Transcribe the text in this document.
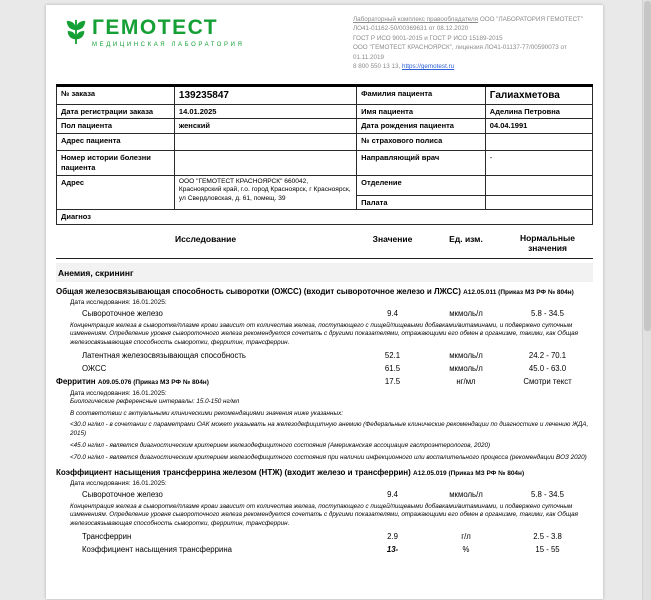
ГЕМОТЕСТ
МЕДИЦИНСКАЯ ЛАБОРАТОРИЯ
Лабораторный комплекс правообладателя ООО "ЛАБОРАТОРИЯ ГЕМОТЕСТ"
ЛО41-01162-50/00369631 от 08.12.2020
ГОСТ Р ИСО 9001-2015 и ГОСТ Р ИСО 15189-2015
ООО "ГЕМОТЕСТ КРАСНОЯРСК", лицензия ЛО41-01137-77/00590073 от 01.11.2019
8 800 550 13 13, https://gemotest.ru
№ заказа	139235847	Фамилия пациента	Галиахметова
Дата регистрации заказа	14.01.2025	Имя пациента	Аделина Петровна
Пол пациента	женский	Дата рождения пациента	04.04.1991
Адрес пациента		№ страхового полиса	
Номер истории болезни пациента		Направляющий врач	-
Адрес	ООО "ГЕМОТЕСТ КРАСНОЯРСК" 660042, Красноярский край, г.о. город Красноярск, г Красноярск, ул Свердловская, д. 61, помещ. 39	Отделение	
		Палата	
Диагноз			
Исследование	Значение	Ед. изм.	Нормальные значения
Анемия, скрининг
Общая железосвязывающая способность сыворотки (ОЖСС) (входит сывороточное железо и ЛЖСС) A12.05.011 (Приказ МЗ РФ № 804н)
Дата исследования: 16.01.2025:
Сывороточное железо	9.4	мкмоль/л	5.8 - 34.5
Концентрация железа в сыворотке/плазме крови зависит от количества железа, поступающего с пищей/пищевыми добавками/витаминами, и подвержено суточным изменениям. Определение уровня сывороточного железа рекомендуется сочетать с другими показателями, отражающими его обмен в организме, такими, как Общая железосвязывающая способность сыворотки, ферритин, трансферрин.
Латентная железосвязывающая способность	52.1	мкмоль/л	24.2 - 70.1
ОЖСС	61.5	мкмоль/л	45.0 - 63.0
Ферритин A09.05.076 (Приказ МЗ РФ № 804н)	17.5	нг/мл	Смотри текст
Дата исследования: 16.01.2025:
Биологические референсные интервалы: 15.0-150 нг/мл
В соответствии с актуальными клиническими рекомендациями значения ниже указанных:
<30.0 нг/мл - в сочетании с параметрами ОАК может указывать на железодефицитную анемию (Федеральные клинические рекомендации по диагностике и лечению ЖДА, 2015)
<45.0 нг/мл - является диагностическим критерием железодефицитного состояния (Американская ассоциация гастроэнтерологов, 2020)
<70.0 нг/мл - является диагностическим критерием железодефицитного состояния при наличии инфекционного или воспалительного процесса (рекомендации ВОЗ 2020)
Коэффициент насыщения трансферрина железом (НТЖ) (входит железо и трансферрин) A12.05.019 (Приказ МЗ РФ № 804н)
Дата исследования: 16.01.2025:
Сывороточное железо	9.4	мкмоль/л	5.8 - 34.5
Концентрация железа в сыворотке/плазме крови зависит от количества железа, поступающего с пищей/пищевыми добавками/витаминами, и подвержено суточным изменениям. Определение уровня сывороточного железа рекомендуется сочетать с другими показателями, отражающими его обмен в организме, такими, как Общая железосвязывающая способность сыворотки, ферритин, трансферрин.
Трансферрин	2.9	г/л	2.5 - 3.8
Коэффициент насыщения трансферрина	13-	%	15 - 55
